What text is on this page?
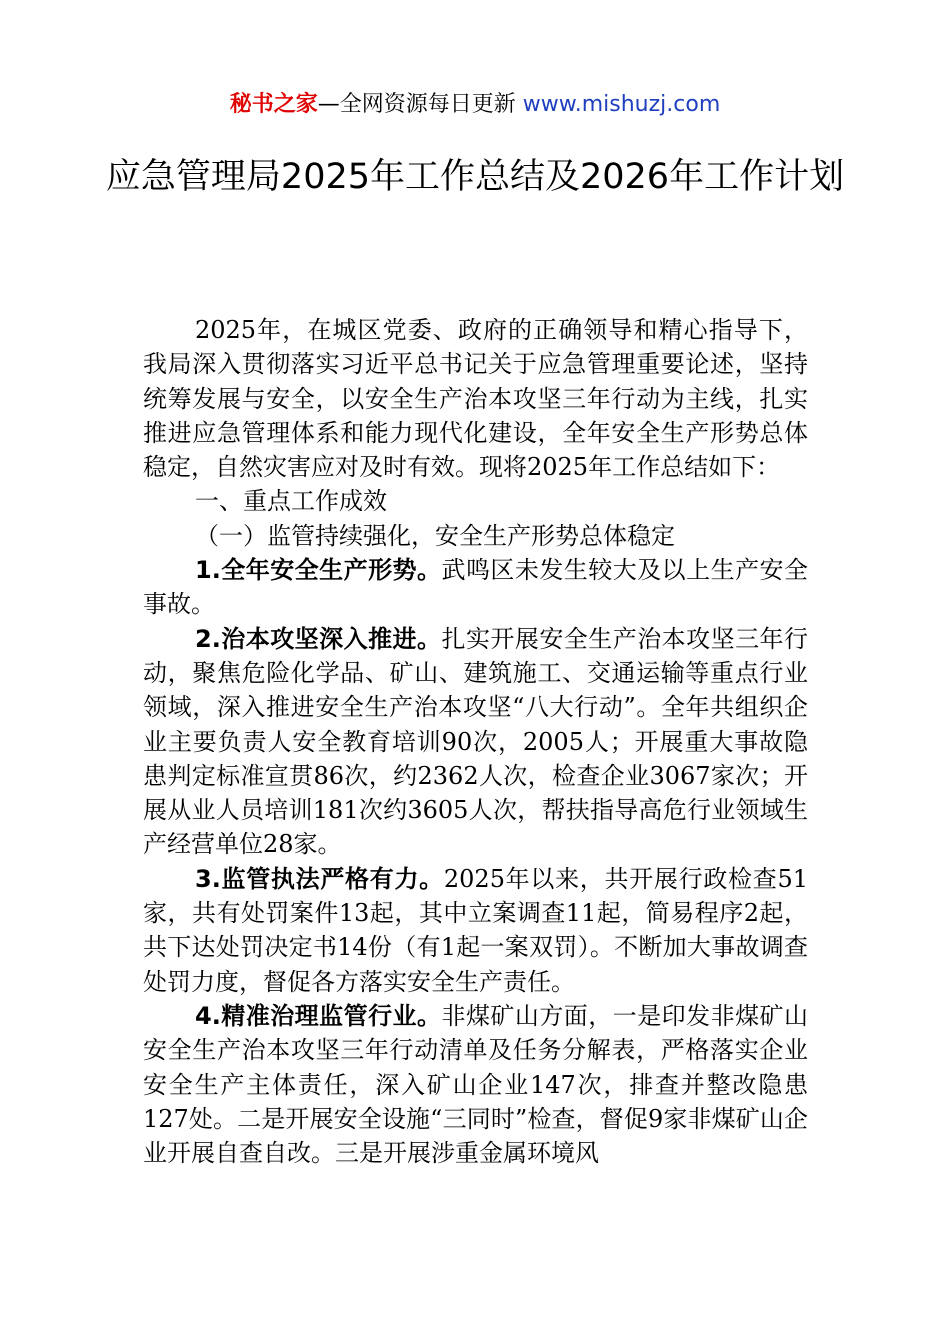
秘书之家—全网资源每日更新 www.mishuzj.com
应急管理局2025年工作总结及2026年工作计划

2025年，在城区党委、政府的正确领导和精心指导下，我局深入贯彻落实习近平总书记关于应急管理重要论述，坚持统筹发展与安全，以安全生产治本攻坚三年行动为主线，扎实推进应急管理体系和能力现代化建设，全年安全生产形势总体稳定，自然灾害应对及时有效。现将2025年工作总结如下：

一、重点工作成效

（一）监管持续强化，安全生产形势总体稳定

1.全年安全生产形势。武鸣区未发生较大及以上生产安全事故。

2.治本攻坚深入推进。扎实开展安全生产治本攻坚三年行动，聚焦危险化学品、矿山、建筑施工、交通运输等重点行业领域，深入推进安全生产治本攻坚“八大行动”。全年共组织企业主要负责人安全教育培训90次，2005人；开展重大事故隐患判定标准宣贯86次，约2362人次，检查企业3067家次；开展从业人员培训181次约3605人次，帮扶指导高危行业领域生产经营单位28家。

3.监管执法严格有力。2025年以来，共开展行政检查51家，共有处罚案件13起，其中立案调查11起，简易程序2起，共下达处罚决定书14份（有1起一案双罚）。不断加大事故调查处罚力度，督促各方落实安全生产责任。

4.精准治理监管行业。非煤矿山方面，一是印发非煤矿山安全生产治本攻坚三年行动清单及任务分解表，严格落实企业安全生产主体责任，深入矿山企业147次，排查并整改隐患127处。二是开展安全设施“三同时”检查，督促9家非煤矿山企业开展自查自改。三是开展涉重金属环境风
